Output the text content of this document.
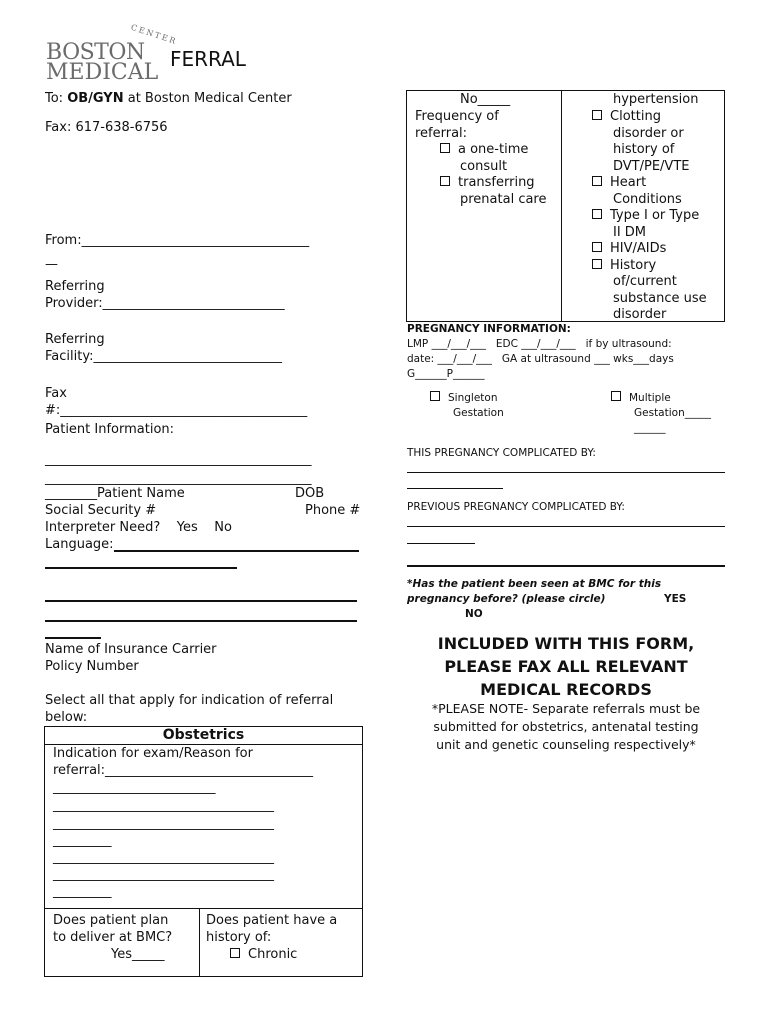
CENTER
BOSTON
MEDICAL
FERRAL
To: OB/GYN at Boston Medical Center
Fax: 617-638-6756
From:___________________________________
—
Referring
Provider:____________________________
Referring
Facility:_____________________________
Fax
#:______________________________________
Patient Information:
_________________________________________
_________________________________________
________Patient Name	DOB
Social Security #	Phone #
Interpreter Need?    Yes    No
Language:
Name of Insurance Carrier
Policy Number
Select all that apply for indication of referral
below:
Obstetrics
Indication for exam/Reason for
referral:________________________________
_________________________
__________________________________
__________________________________
_________
__________________________________
__________________________________
_________
Does patient plan
to deliver at BMC?
Yes_____
Does patient have a
history of:
Chronic
No_____
Frequency of
referral:
a one-time
consult
transferring
prenatal care
hypertension
Clotting
disorder or
history of
DVT/PE/VTE
Heart
Conditions
Type I or Type
II DM
HIV/AIDs
History
of/current
substance use
disorder
PREGNANCY INFORMATION:
LMP ___/___/___   EDC ___/___/___   if by ultrasound:
date: ___/___/___   GA at ultrasound ___ wks___days
G______P______
Singleton
Gestation
Multiple
Gestation_____
______
THIS PREGNANCY COMPLICATED BY:
PREVIOUS PREGNANCY COMPLICATED BY:
*Has the patient been seen at BMC for this
pregnancy before? (please circle)	YES
NO
INCLUDED WITH THIS FORM,
PLEASE FAX ALL RELEVANT
MEDICAL RECORDS
*PLEASE NOTE- Separate referrals must be
submitted for obstetrics, antenatal testing
unit and genetic counseling respectively*
